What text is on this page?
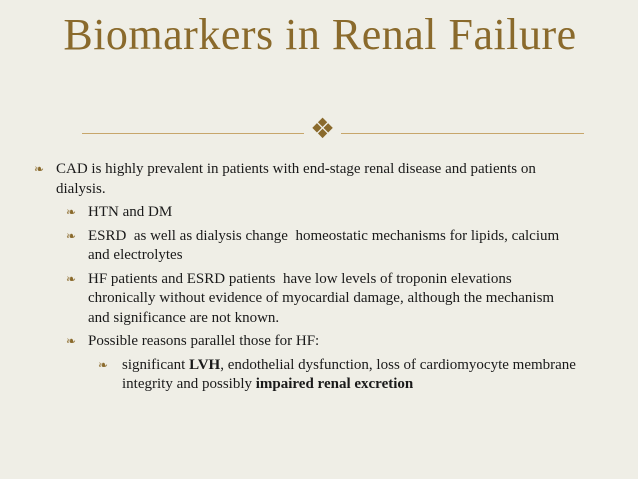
Biomarkers in Renal Failure
❖
❧ CAD is highly prevalent in patients with end-stage renal disease and patients on dialysis.
❧ HTN and DM
❧ ESRD  as well as dialysis change  homeostatic mechanisms for lipids, calcium and electrolytes
❧ HF patients and ESRD patients  have low levels of troponin elevations chronically without evidence of myocardial damage, although the mechanism and significance are not known.
❧ Possible reasons parallel those for HF:
❧ significant LVH, endothelial dysfunction, loss of cardiomyocyte membrane integrity and possibly impaired renal excretion
